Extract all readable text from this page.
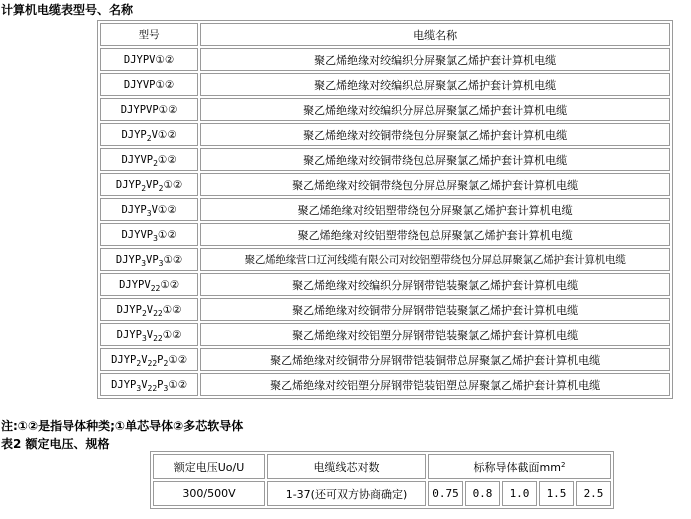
计算机电缆表型号、名称
型号	电缆名称
DJYPV①②	聚乙烯绝缘对绞编织分屏聚氯乙烯护套计算机电缆
DJYVP①②	聚乙烯绝缘对绞编织总屏聚氯乙烯护套计算机电缆
DJYPVP①②	聚乙烯绝缘对绞编织分屏总屏聚氯乙烯护套计算机电缆
$DJYP_2V①②$	聚乙烯绝缘对绞铜带绕包分屏聚氯乙烯护套计算机电缆
$DJYVP_2①②$	聚乙烯绝缘对绞铜带绕包总屏聚氯乙烯护套计算机电缆
$DJYP_2VP_2①②$	聚乙烯绝缘对绞铜带绕包分屏总屏聚氯乙烯护套计算机电缆
$DJYP_3V①②$	聚乙烯绝缘对绞铝塑带绕包分屏聚氯乙烯护套计算机电缆
$DJYVP_3①②$	聚乙烯绝缘对绞铝塑带绕包总屏聚氯乙烯护套计算机电缆
$DJYP_3VP_3①②$	聚乙烯绝缘营口辽河线缆有限公司对绞铝塑带绕包分屏总屏聚氯乙烯护套计算机电缆
$DJYPV_{22}①②$	聚乙烯绝缘对绞编织分屏钢带铠装聚氯乙烯护套计算机电缆
$DJYP_2V_{22}①②$	聚乙烯绝缘对绞铜带分屏钢带铠装聚氯乙烯护套计算机电缆
$DJYP_3V_{22}①②$	聚乙烯绝缘对绞铝塑分屏钢带铠装聚氯乙烯护套计算机电缆
$DJYP_2V_{22}P_2①②$	聚乙烯绝缘对绞铜带分屏钢带铠装铜带总屏聚氯乙烯护套计算机电缆
$DJYP_3V_{22}P_3①②$	聚乙烯绝缘对绞铝塑分屏钢带铠装铝塑总屏聚氯乙烯护套计算机电缆
注:①②是指导体种类;①单芯导体②多芯软导体
表2 额定电压、规格
额定电压Uo/U	电缆线芯对数	标称导体截面$mm^2$
300/500V	1-37(还可双方协商确定)	0.75	0.8	1.0	1.5	2.5
